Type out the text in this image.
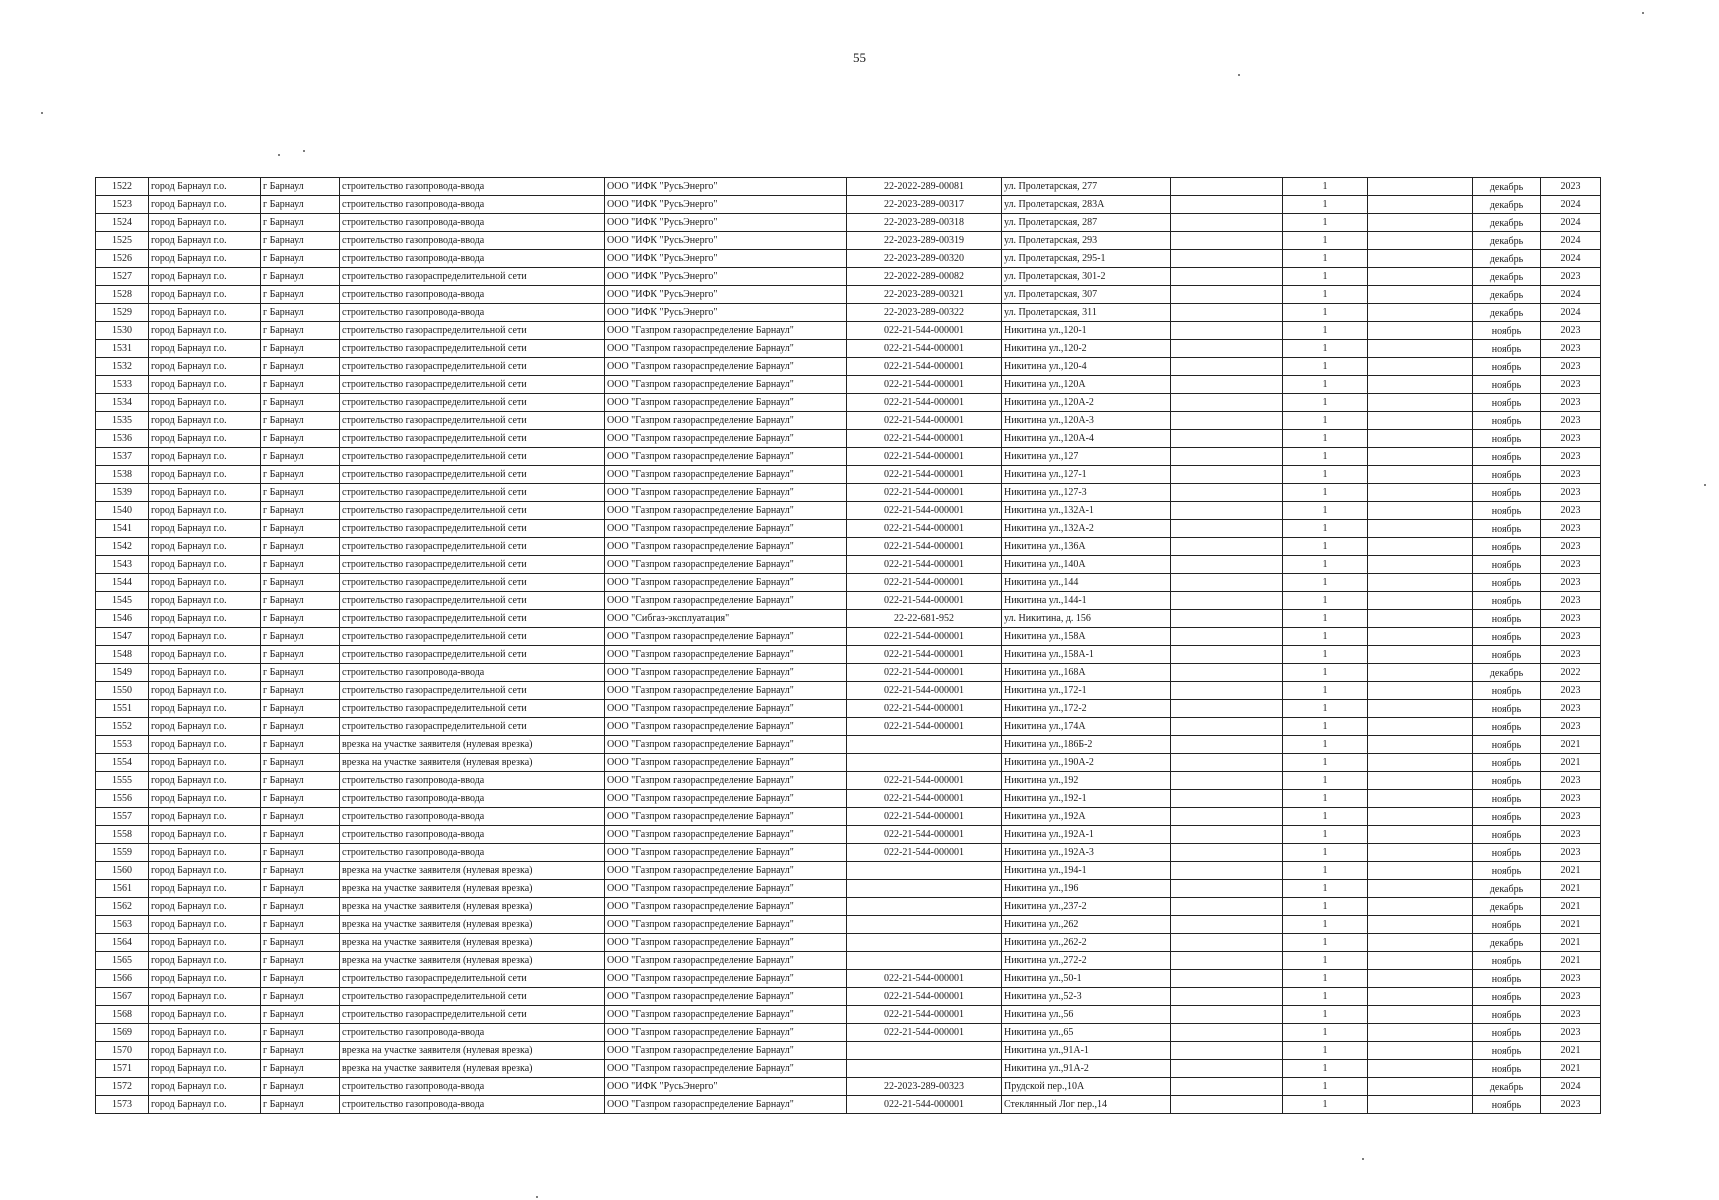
55
1522	город Барнаул г.о.	г Барнаул	строительство газопровода-ввода	ООО "ИФК "РусьЭнерго"	22-2022-289-00081	ул. Пролетарская, 277		1		декабрь	2023
1523	город Барнаул г.о.	г Барнаул	строительство газопровода-ввода	ООО "ИФК "РусьЭнерго"	22-2023-289-00317	ул. Пролетарская, 283А		1		декабрь	2024
1524	город Барнаул г.о.	г Барнаул	строительство газопровода-ввода	ООО "ИФК "РусьЭнерго"	22-2023-289-00318	ул. Пролетарская, 287		1		декабрь	2024
1525	город Барнаул г.о.	г Барнаул	строительство газопровода-ввода	ООО "ИФК "РусьЭнерго"	22-2023-289-00319	ул. Пролетарская, 293		1		декабрь	2024
1526	город Барнаул г.о.	г Барнаул	строительство газопровода-ввода	ООО "ИФК "РусьЭнерго"	22-2023-289-00320	ул. Пролетарская, 295-1		1		декабрь	2024
1527	город Барнаул г.о.	г Барнаул	строительство газораспределительной сети	ООО "ИФК "РусьЭнерго"	22-2022-289-00082	ул. Пролетарская, 301-2		1		декабрь	2023
1528	город Барнаул г.о.	г Барнаул	строительство газопровода-ввода	ООО "ИФК "РусьЭнерго"	22-2023-289-00321	ул. Пролетарская, 307		1		декабрь	2024
1529	город Барнаул г.о.	г Барнаул	строительство газопровода-ввода	ООО "ИФК "РусьЭнерго"	22-2023-289-00322	ул. Пролетарская, 311		1		декабрь	2024
1530	город Барнаул г.о.	г Барнаул	строительство газораспределительной сети	ООО "Газпром газораспределение Барнаул"	022-21-544-000001	Никитина ул.,120-1		1		ноябрь	2023
1531	город Барнаул г.о.	г Барнаул	строительство газораспределительной сети	ООО "Газпром газораспределение Барнаул"	022-21-544-000001	Никитина ул.,120-2		1		ноябрь	2023
1532	город Барнаул г.о.	г Барнаул	строительство газораспределительной сети	ООО "Газпром газораспределение Барнаул"	022-21-544-000001	Никитина ул.,120-4		1		ноябрь	2023
1533	город Барнаул г.о.	г Барнаул	строительство газораспределительной сети	ООО "Газпром газораспределение Барнаул"	022-21-544-000001	Никитина ул.,120А		1		ноябрь	2023
1534	город Барнаул г.о.	г Барнаул	строительство газораспределительной сети	ООО "Газпром газораспределение Барнаул"	022-21-544-000001	Никитина ул.,120А-2		1		ноябрь	2023
1535	город Барнаул г.о.	г Барнаул	строительство газораспределительной сети	ООО "Газпром газораспределение Барнаул"	022-21-544-000001	Никитина ул.,120А-3		1		ноябрь	2023
1536	город Барнаул г.о.	г Барнаул	строительство газораспределительной сети	ООО "Газпром газораспределение Барнаул"	022-21-544-000001	Никитина ул.,120А-4		1		ноябрь	2023
1537	город Барнаул г.о.	г Барнаул	строительство газораспределительной сети	ООО "Газпром газораспределение Барнаул"	022-21-544-000001	Никитина ул.,127		1		ноябрь	2023
1538	город Барнаул г.о.	г Барнаул	строительство газораспределительной сети	ООО "Газпром газораспределение Барнаул"	022-21-544-000001	Никитина ул.,127-1		1		ноябрь	2023
1539	город Барнаул г.о.	г Барнаул	строительство газораспределительной сети	ООО "Газпром газораспределение Барнаул"	022-21-544-000001	Никитина ул.,127-3		1		ноябрь	2023
1540	город Барнаул г.о.	г Барнаул	строительство газораспределительной сети	ООО "Газпром газораспределение Барнаул"	022-21-544-000001	Никитина ул.,132А-1		1		ноябрь	2023
1541	город Барнаул г.о.	г Барнаул	строительство газораспределительной сети	ООО "Газпром газораспределение Барнаул"	022-21-544-000001	Никитина ул.,132А-2		1		ноябрь	2023
1542	город Барнаул г.о.	г Барнаул	строительство газораспределительной сети	ООО "Газпром газораспределение Барнаул"	022-21-544-000001	Никитина ул.,136А		1		ноябрь	2023
1543	город Барнаул г.о.	г Барнаул	строительство газораспределительной сети	ООО "Газпром газораспределение Барнаул"	022-21-544-000001	Никитина ул.,140А		1		ноябрь	2023
1544	город Барнаул г.о.	г Барнаул	строительство газораспределительной сети	ООО "Газпром газораспределение Барнаул"	022-21-544-000001	Никитина ул.,144		1		ноябрь	2023
1545	город Барнаул г.о.	г Барнаул	строительство газораспределительной сети	ООО "Газпром газораспределение Барнаул"	022-21-544-000001	Никитина ул.,144-1		1		ноябрь	2023
1546	город Барнаул г.о.	г Барнаул	строительство газораспределительной сети	ООО "Сибгаз-эксплуатация"	22-22-681-952	ул. Никитина, д. 156		1		ноябрь	2023
1547	город Барнаул г.о.	г Барнаул	строительство газораспределительной сети	ООО "Газпром газораспределение Барнаул"	022-21-544-000001	Никитина ул.,158А		1		ноябрь	2023
1548	город Барнаул г.о.	г Барнаул	строительство газораспределительной сети	ООО "Газпром газораспределение Барнаул"	022-21-544-000001	Никитина ул.,158А-1		1		ноябрь	2023
1549	город Барнаул г.о.	г Барнаул	строительство газопровода-ввода	ООО "Газпром газораспределение Барнаул"	022-21-544-000001	Никитина ул.,168А		1		декабрь	2022
1550	город Барнаул г.о.	г Барнаул	строительство газораспределительной сети	ООО "Газпром газораспределение Барнаул"	022-21-544-000001	Никитина ул.,172-1		1		ноябрь	2023
1551	город Барнаул г.о.	г Барнаул	строительство газораспределительной сети	ООО "Газпром газораспределение Барнаул"	022-21-544-000001	Никитина ул.,172-2		1		ноябрь	2023
1552	город Барнаул г.о.	г Барнаул	строительство газораспределительной сети	ООО "Газпром газораспределение Барнаул"	022-21-544-000001	Никитина ул.,174А		1		ноябрь	2023
1553	город Барнаул г.о.	г Барнаул	врезка на участке заявителя (нулевая врезка)	ООО "Газпром газораспределение Барнаул"		Никитина ул.,186Б-2		1		ноябрь	2021
1554	город Барнаул г.о.	г Барнаул	врезка на участке заявителя (нулевая врезка)	ООО "Газпром газораспределение Барнаул"		Никитина ул.,190А-2		1		ноябрь	2021
1555	город Барнаул г.о.	г Барнаул	строительство газопровода-ввода	ООО "Газпром газораспределение Барнаул"	022-21-544-000001	Никитина ул.,192		1		ноябрь	2023
1556	город Барнаул г.о.	г Барнаул	строительство газопровода-ввода	ООО "Газпром газораспределение Барнаул"	022-21-544-000001	Никитина ул.,192-1		1		ноябрь	2023
1557	город Барнаул г.о.	г Барнаул	строительство газопровода-ввода	ООО "Газпром газораспределение Барнаул"	022-21-544-000001	Никитина ул.,192А		1		ноябрь	2023
1558	город Барнаул г.о.	г Барнаул	строительство газопровода-ввода	ООО "Газпром газораспределение Барнаул"	022-21-544-000001	Никитина ул.,192А-1		1		ноябрь	2023
1559	город Барнаул г.о.	г Барнаул	строительство газопровода-ввода	ООО "Газпром газораспределение Барнаул"	022-21-544-000001	Никитина ул.,192А-3		1		ноябрь	2023
1560	город Барнаул г.о.	г Барнаул	врезка на участке заявителя (нулевая врезка)	ООО "Газпром газораспределение Барнаул"		Никитина ул.,194-1		1		ноябрь	2021
1561	город Барнаул г.о.	г Барнаул	врезка на участке заявителя (нулевая врезка)	ООО "Газпром газораспределение Барнаул"		Никитина ул.,196		1		декабрь	2021
1562	город Барнаул г.о.	г Барнаул	врезка на участке заявителя (нулевая врезка)	ООО "Газпром газораспределение Барнаул"		Никитина ул.,237-2		1		декабрь	2021
1563	город Барнаул г.о.	г Барнаул	врезка на участке заявителя (нулевая врезка)	ООО "Газпром газораспределение Барнаул"		Никитина ул.,262		1		ноябрь	2021
1564	город Барнаул г.о.	г Барнаул	врезка на участке заявителя (нулевая врезка)	ООО "Газпром газораспределение Барнаул"		Никитина ул.,262-2		1		декабрь	2021
1565	город Барнаул г.о.	г Барнаул	врезка на участке заявителя (нулевая врезка)	ООО "Газпром газораспределение Барнаул"		Никитина ул.,272-2		1		ноябрь	2021
1566	город Барнаул г.о.	г Барнаул	строительство газораспределительной сети	ООО "Газпром газораспределение Барнаул"	022-21-544-000001	Никитина ул.,50-1		1		ноябрь	2023
1567	город Барнаул г.о.	г Барнаул	строительство газораспределительной сети	ООО "Газпром газораспределение Барнаул"	022-21-544-000001	Никитина ул.,52-3		1		ноябрь	2023
1568	город Барнаул г.о.	г Барнаул	строительство газораспределительной сети	ООО "Газпром газораспределение Барнаул"	022-21-544-000001	Никитина ул.,56		1		ноябрь	2023
1569	город Барнаул г.о.	г Барнаул	строительство газопровода-ввода	ООО "Газпром газораспределение Барнаул"	022-21-544-000001	Никитина ул.,65		1		ноябрь	2023
1570	город Барнаул г.о.	г Барнаул	врезка на участке заявителя (нулевая врезка)	ООО "Газпром газораспределение Барнаул"		Никитина ул.,91А-1		1		ноябрь	2021
1571	город Барнаул г.о.	г Барнаул	врезка на участке заявителя (нулевая врезка)	ООО "Газпром газораспределение Барнаул"		Никитина ул.,91А-2		1		ноябрь	2021
1572	город Барнаул г.о.	г Барнаул	строительство газопровода-ввода	ООО "ИФК "РусьЭнерго"	22-2023-289-00323	Прудской пер.,10А		1		декабрь	2024
1573	город Барнаул г.о.	г Барнаул	строительство газопровода-ввода	ООО "Газпром газораспределение Барнаул"	022-21-544-000001	Стеклянный Лог пер.,14		1		ноябрь	2023
